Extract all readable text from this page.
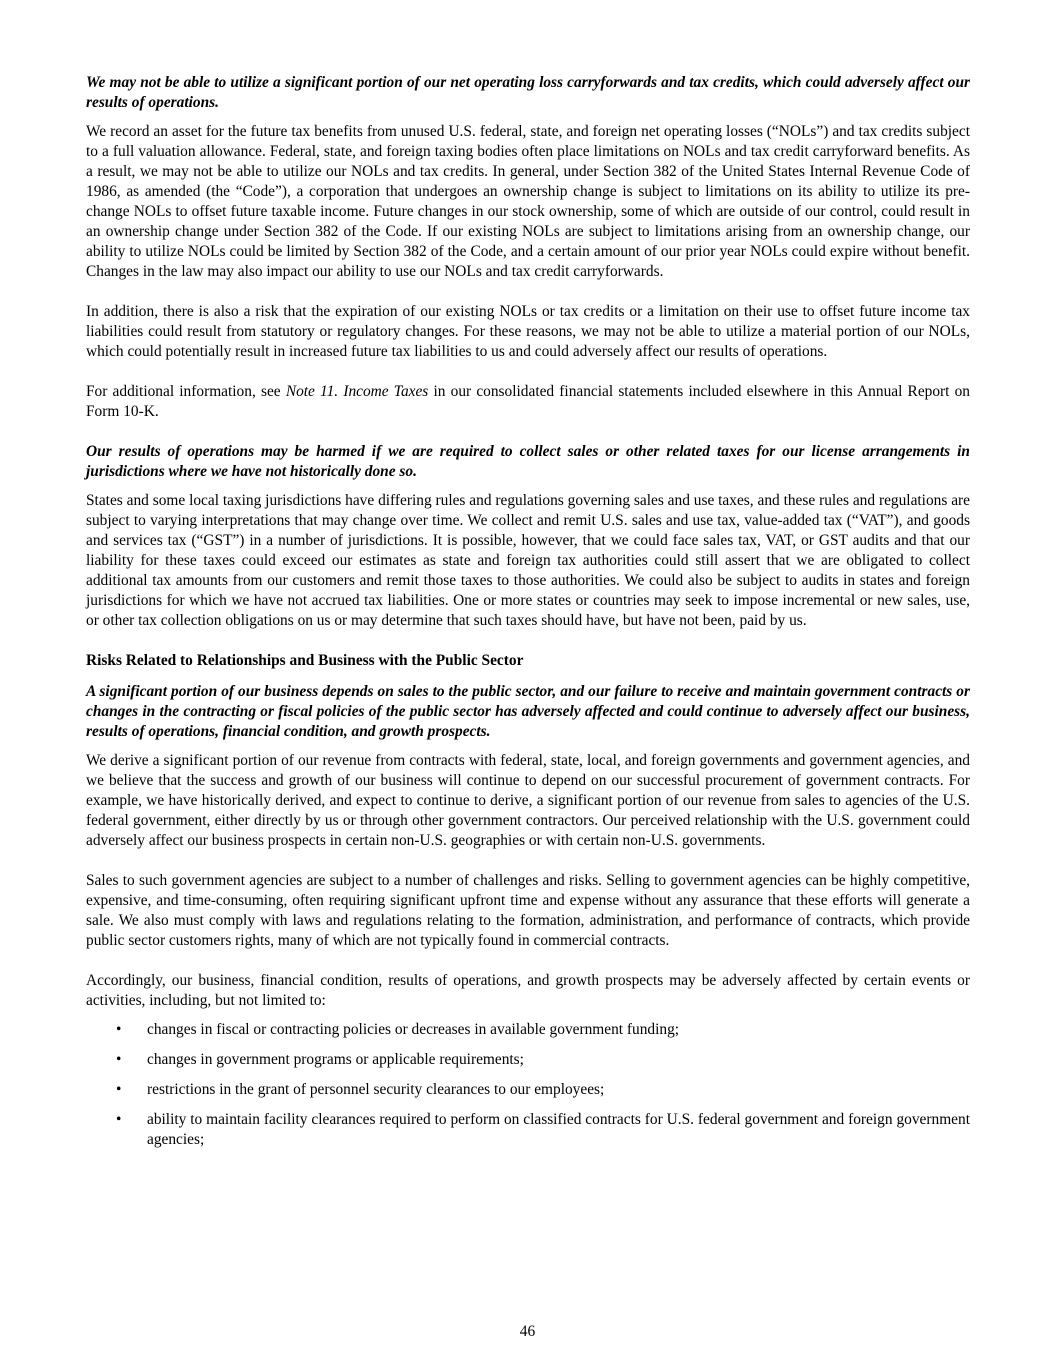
We may not be able to utilize a significant portion of our net operating loss carryforwards and tax credits, which could adversely affect our results of operations.

We record an asset for the future tax benefits from unused U.S. federal, state, and foreign net operating losses (“NOLs”) and tax credits subject to a full valuation allowance. Federal, state, and foreign taxing bodies often place limitations on NOLs and tax credit carryforward benefits. As a result, we may not be able to utilize our NOLs and tax credits. In general, under Section 382 of the United States Internal Revenue Code of 1986, as amended (the “Code”), a corporation that undergoes an ownership change is subject to limitations on its ability to utilize its pre-change NOLs to offset future taxable income. Future changes in our stock ownership, some of which are outside of our control, could result in an ownership change under Section 382 of the Code. If our existing NOLs are subject to limitations arising from an ownership change, our ability to utilize NOLs could be limited by Section 382 of the Code, and a certain amount of our prior year NOLs could expire without benefit. Changes in the law may also impact our ability to use our NOLs and tax credit carryforwards.

In addition, there is also a risk that the expiration of our existing NOLs or tax credits or a limitation on their use to offset future income tax liabilities could result from statutory or regulatory changes. For these reasons, we may not be able to utilize a material portion of our NOLs, which could potentially result in increased future tax liabilities to us and could adversely affect our results of operations.

For additional information, see Note 11. Income Taxes in our consolidated financial statements included elsewhere in this Annual Report on Form 10-K.

Our results of operations may be harmed if we are required to collect sales or other related taxes for our license arrangements in jurisdictions where we have not historically done so.

States and some local taxing jurisdictions have differing rules and regulations governing sales and use taxes, and these rules and regulations are subject to varying interpretations that may change over time. We collect and remit U.S. sales and use tax, value-added tax (“VAT”), and goods and services tax (“GST”) in a number of jurisdictions. It is possible, however, that we could face sales tax, VAT, or GST audits and that our liability for these taxes could exceed our estimates as state and foreign tax authorities could still assert that we are obligated to collect additional tax amounts from our customers and remit those taxes to those authorities. We could also be subject to audits in states and foreign jurisdictions for which we have not accrued tax liabilities. One or more states or countries may seek to impose incremental or new sales, use, or other tax collection obligations on us or may determine that such taxes should have, but have not been, paid by us.

Risks Related to Relationships and Business with the Public Sector

A significant portion of our business depends on sales to the public sector, and our failure to receive and maintain government contracts or changes in the contracting or fiscal policies of the public sector has adversely affected and could continue to adversely affect our business, results of operations, financial condition, and growth prospects.

We derive a significant portion of our revenue from contracts with federal, state, local, and foreign governments and government agencies, and we believe that the success and growth of our business will continue to depend on our successful procurement of government contracts. For example, we have historically derived, and expect to continue to derive, a significant portion of our revenue from sales to agencies of the U.S. federal government, either directly by us or through other government contractors. Our perceived relationship with the U.S. government could adversely affect our business prospects in certain non-U.S. geographies or with certain non-U.S. governments.

Sales to such government agencies are subject to a number of challenges and risks. Selling to government agencies can be highly competitive, expensive, and time-consuming, often requiring significant upfront time and expense without any assurance that these efforts will generate a sale. We also must comply with laws and regulations relating to the formation, administration, and performance of contracts, which provide public sector customers rights, many of which are not typically found in commercial contracts.

Accordingly, our business, financial condition, results of operations, and growth prospects may be adversely affected by certain events or activities, including, but not limited to:

• changes in fiscal or contracting policies or decreases in available government funding;
• changes in government programs or applicable requirements;
• restrictions in the grant of personnel security clearances to our employees;
• ability to maintain facility clearances required to perform on classified contracts for U.S. federal government and foreign government agencies;
46
